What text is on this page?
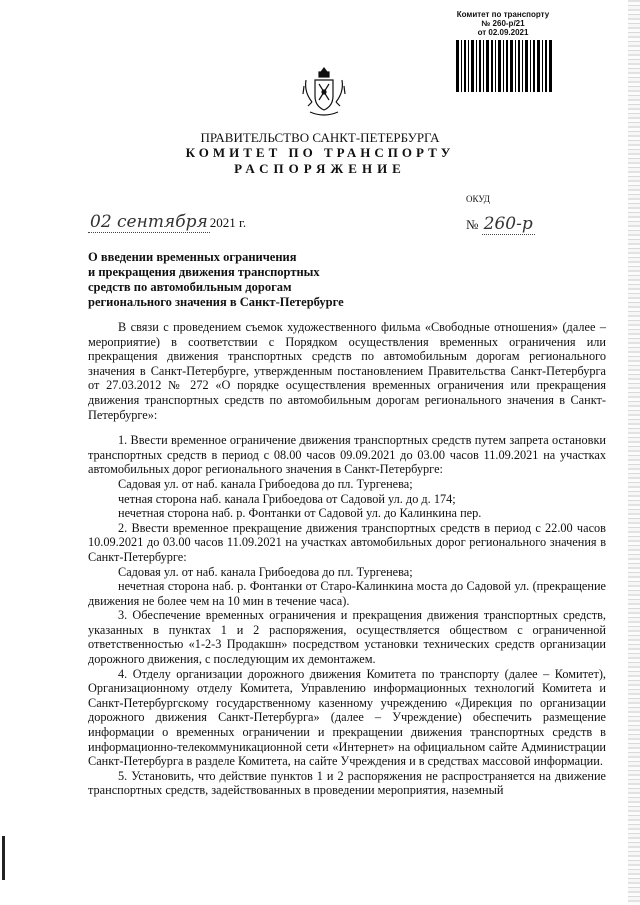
Комитет по транспорту
№ 260-р/21
от 02.09.2021
ПРАВИТЕЛЬСТВО САНКТ-ПЕТЕРБУРГА
КОМИТЕТ ПО ТРАНСПОРТУ
РАСПОРЯЖЕНИЕ
ОКУД
02 сентября 2021 г.	№ 260-р
О введении временных ограничения
и прекращения движения транспортных
средств по автомобильным дорогам
регионального значения в Санкт-Петербурге

В связи с проведением съемок художественного фильма «Свободные отношения» (далее – мероприятие) в соответствии с Порядком осуществления временных ограничения или прекращения движения транспортных средств по автомобильным дорогам регионального значения в Санкт-Петербурге, утвержденным постановлением Правительства Санкт-Петербурга от 27.03.2012 № 272 «О порядке осуществления временных ограничения или прекращения движения транспортных средств по автомобильным дорогам регионального значения в Санкт-Петербурге»:

1. Ввести временное ограничение движения транспортных средств путем запрета остановки транспортных средств в период с 08.00 часов 09.09.2021 до 03.00 часов 11.09.2021 на участках автомобильных дорог регионального значения в Санкт-Петербурге:

Садовая ул. от наб. канала Грибоедова до пл. Тургенева;

четная сторона наб. канала Грибоедова от Садовой ул. до д. 174;

нечетная сторона наб. р. Фонтанки от Садовой ул. до Калинкина пер.

2. Ввести временное прекращение движения транспортных средств в период с 22.00 часов 10.09.2021 до 03.00 часов 11.09.2021 на участках автомобильных дорог регионального значения в Санкт-Петербурге:

Садовая ул. от наб. канала Грибоедова до пл. Тургенева;

нечетная сторона наб. р. Фонтанки от Старо-Калинкина моста до Садовой ул. (прекращение движения не более чем на 10 мин в течение часа).

3. Обеспечение временных ограничения и прекращения движения транспортных средств, указанных в пунктах 1 и 2 распоряжения, осуществляется обществом с ограниченной ответственностью «1-2-3 Продакшн» посредством установки технических средств организации дорожного движения, с последующим их демонтажем.

4. Отделу организации дорожного движения Комитета по транспорту (далее – Комитет), Организационному отделу Комитета, Управлению информационных технологий Комитета и Санкт-Петербургскому государственному казенному учреждению «Дирекция по организации дорожного движения Санкт-Петербурга» (далее – Учреждение) обеспечить размещение информации о временных ограничении и прекращении движения транспортных средств в информационно-телекоммуникационной сети «Интернет» на официальном сайте Администрации Санкт-Петербурга в разделе Комитета, на сайте Учреждения и в средствах массовой информации.

5. Установить, что действие пунктов 1 и 2 распоряжения не распространяется на движение транспортных средств, задействованных в проведении мероприятия, наземный
